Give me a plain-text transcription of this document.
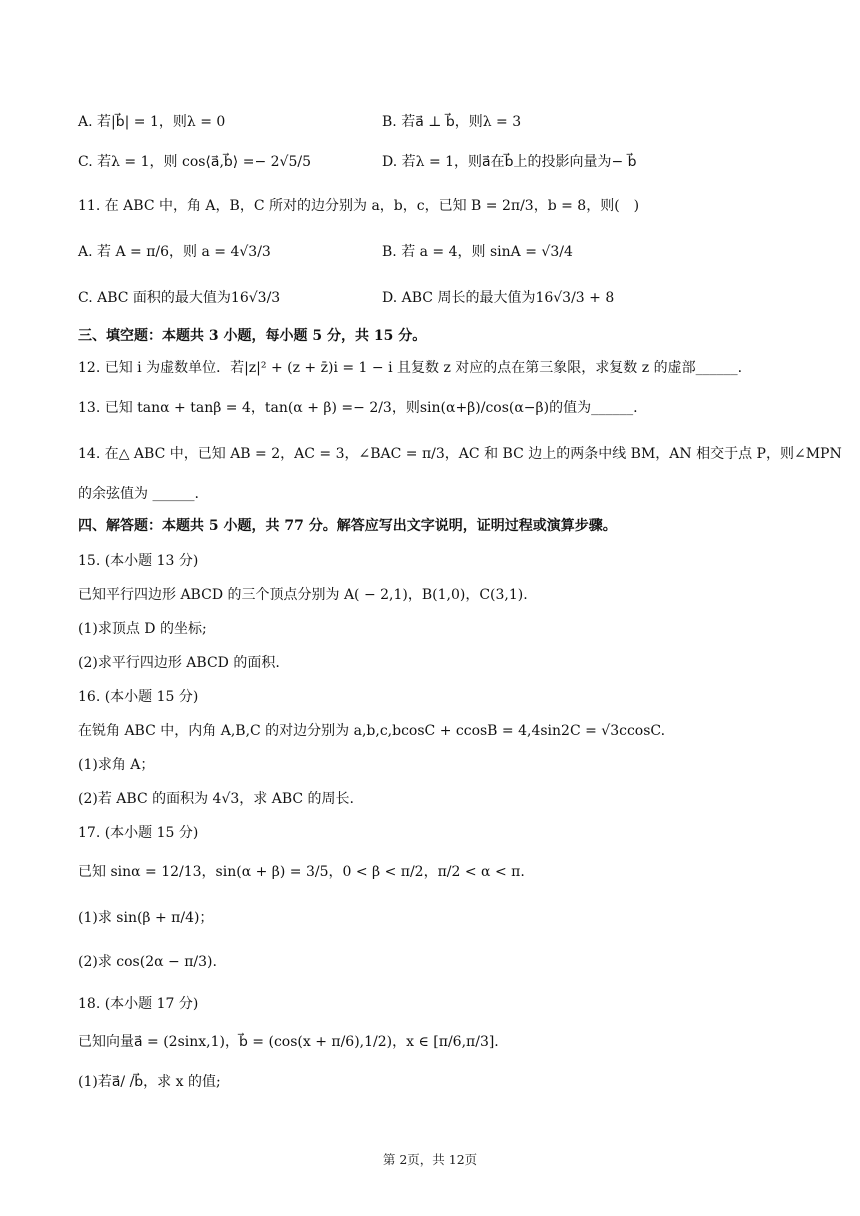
A. 若|b⃗| = 1，则λ = 0	B. 若a⃗ ⊥ b⃗，则λ = 3
C. 若λ = 1，则 cos⟨a⃗,b⃗⟩ =− 2√5/5	D. 若λ = 1，则a⃗在b⃗上的投影向量为− b⃗
11. 在 ABC 中，角 A，B，C 所对的边分别为 a，b，c，已知 B = 2π/3，b = 8，则(　)
A. 若 A = π/6，则 a = 4√3/3	B. 若 a = 4，则 sinA = √3/4
C. ABC 面积的最大值为16√3/3	D. ABC 周长的最大值为16√3/3 + 8
三、填空题：本题共 3 小题，每小题 5 分，共 15 分。
12. 已知 i 为虚数单位．若|z|² + (z + z̄)i = 1 − i 且复数 z 对应的点在第三象限，求复数 z 的虚部______.
13. 已知 tanα + tanβ = 4，tan(α + β) =− 2/3，则sin(α+β)/cos(α−β)的值为______.
14. 在△ ABC 中，已知 AB = 2，AC = 3，∠BAC = π/3，AC 和 BC 边上的两条中线 BM，AN 相交于点 P，则∠MPN
的余弦值为 ______.
四、解答题：本题共 5 小题，共 77 分。解答应写出文字说明，证明过程或演算步骤。
15. (本小题 13 分)
已知平行四边形 ABCD 的三个顶点分别为 A( − 2,1)，B(1,0)，C(3,1).
(1)求顶点 D 的坐标;
(2)求平行四边形 ABCD 的面积.
16. (本小题 15 分)
在锐角 ABC 中，内角 A,B,C 的对边分别为 a,b,c,bcosC + ccosB = 4,4sin2C = √3ccosC.
(1)求角 A；
(2)若 ABC 的面积为 4√3，求 ABC 的周长.
17. (本小题 15 分)
已知 sinα = 12/13，sin(α + β) = 3/5，0 < β < π/2，π/2 < α < π.
(1)求 sin(β + π/4)；
(2)求 cos(2α − π/3).
18. (本小题 17 分)
已知向量a⃗ = (2sinx,1)，b⃗ = (cos(x + π/6),1/2)，x ∈ [π/6,π/3].
(1)若a⃗/ /b⃗，求 x 的值;
第 2页，共 12页
